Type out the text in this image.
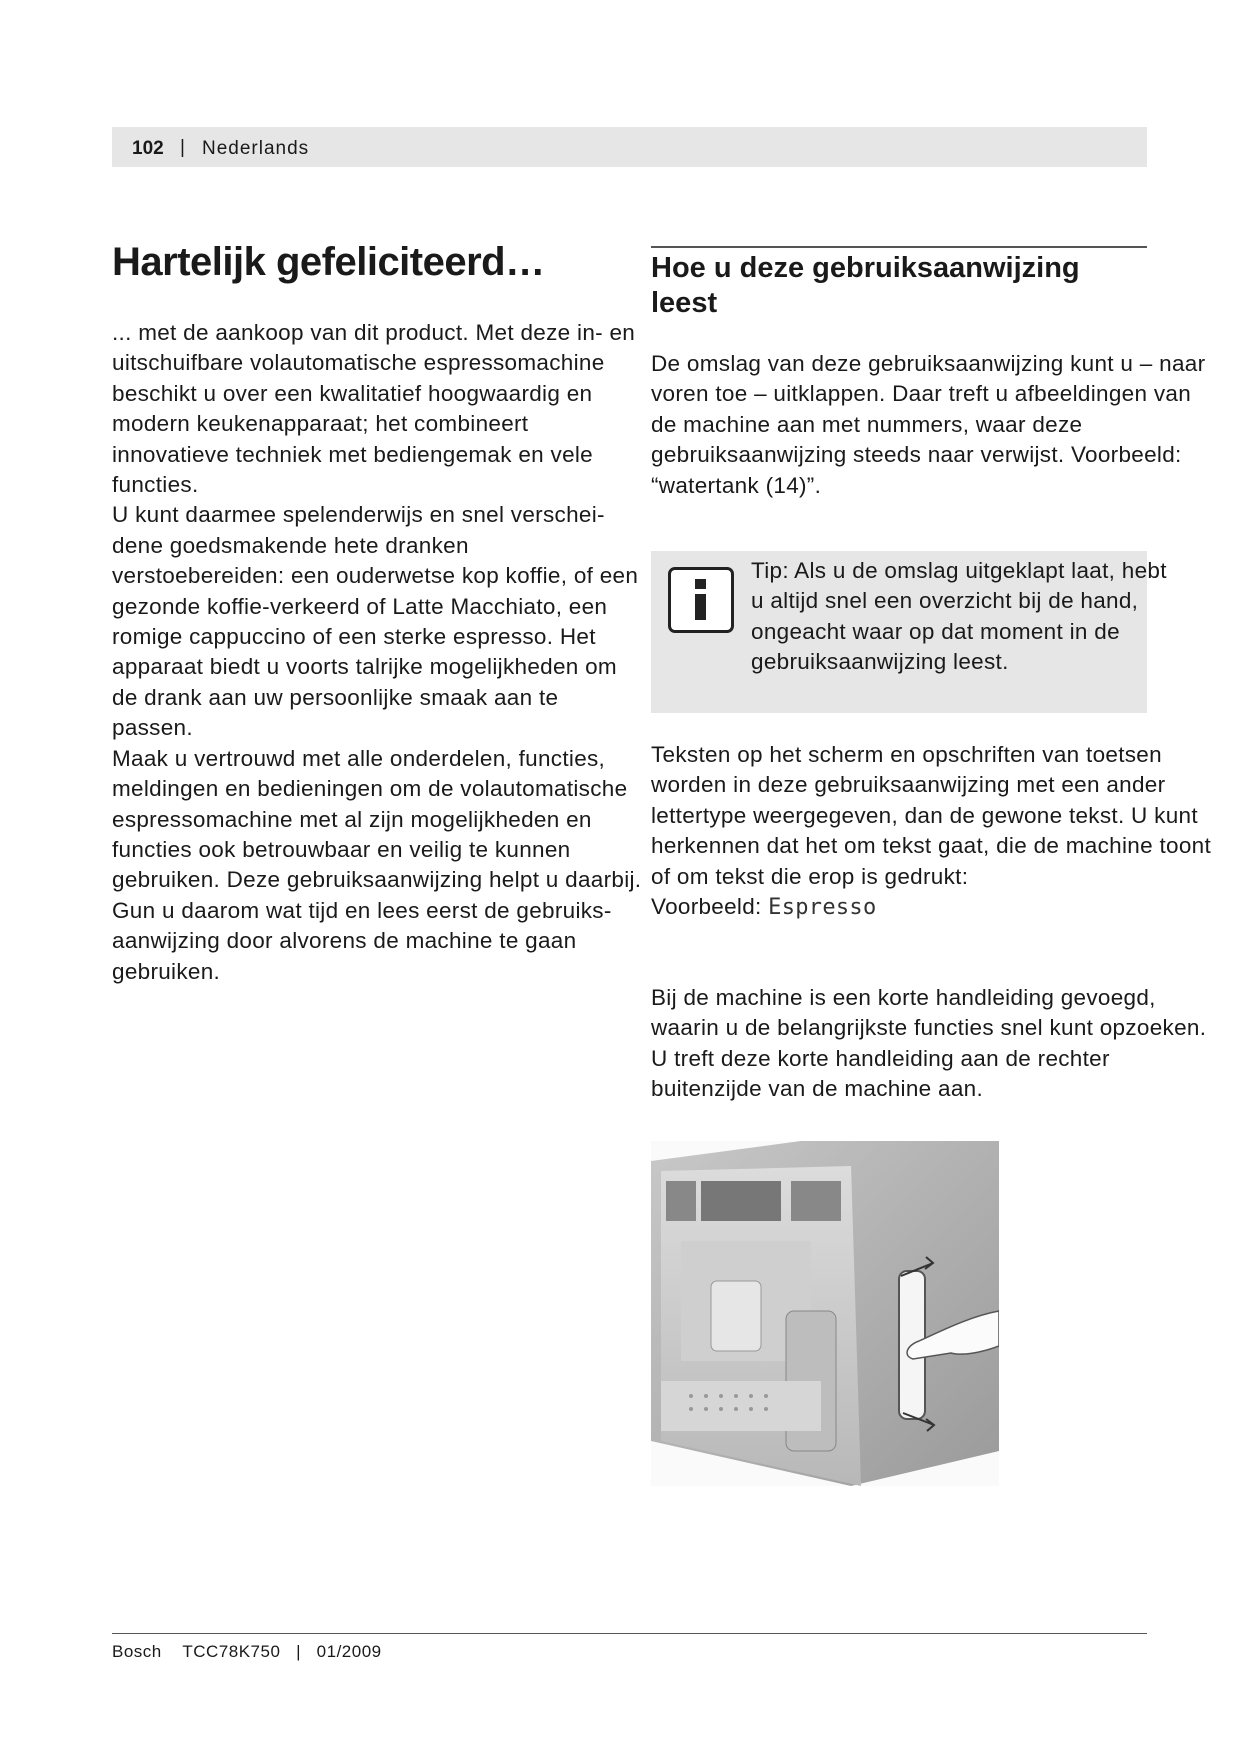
102 | Nederlands
Hartelijk gefeliciteerd…

... met de aankoop van dit product. Met deze in- en uitschuifbare volautomatische espressomachine beschikt u over een kwalitatief hoogwaardig en modern keukenapparaat; het combineert innovatieve techniek met bediengemak en vele functies.

U kunt daarmee spelenderwijs en snel verscheidene goedsmakende hete dranken verstoebereiden: een ouderwetse kop koffie, of een gezonde koffie-verkeerd of Latte Macchiato, een romige cappuccino of een sterke espresso. Het apparaat biedt u voorts talrijke mogelijkheden om de drank aan uw persoonlijke smaak aan te passen.

Maak u vertrouwd met alle onderdelen, functies, meldingen en bedieningen om de volautomatische espressomachine met al zijn mogelijkheden en functies ook betrouwbaar en veilig te kunnen gebruiken. Deze gebruiksaanwijzing helpt u daarbij. Gun u daarom wat tijd en lees eerst de gebruiksaanwijzing door alvorens de machine te gaan gebruiken.

Hoe u deze gebruiksaanwijzing leest

De omslag van deze gebruiksaanwijzing kunt u – naar voren toe – uitklappen. Daar treft u afbeeldingen van de machine aan met nummers, waar deze gebruiksaanwijzing steeds naar verwijst. Voorbeeld: “watertank (14)”.

Tip: Als u de omslag uitgeklapt laat, hebt u altijd snel een overzicht bij de hand, ongeacht waar op dat moment in de gebruiksaanwijzing leest.

Teksten op het scherm en opschriften van toetsen worden in deze gebruiksaanwijzing met een ander lettertype weergegeven, dan de gewone tekst. U kunt herkennen dat het om tekst gaat, die de machine toont of om tekst die erop is gedrukt:

Voorbeeld: Espresso

Bij de machine is een korte handleiding gevoegd, waarin u de belangrijkste functies snel kunt opzoeken. U treft deze korte handleiding aan de rechter buitenzijde van de machine aan.

Bosch TCC78K750 | 01/2009
